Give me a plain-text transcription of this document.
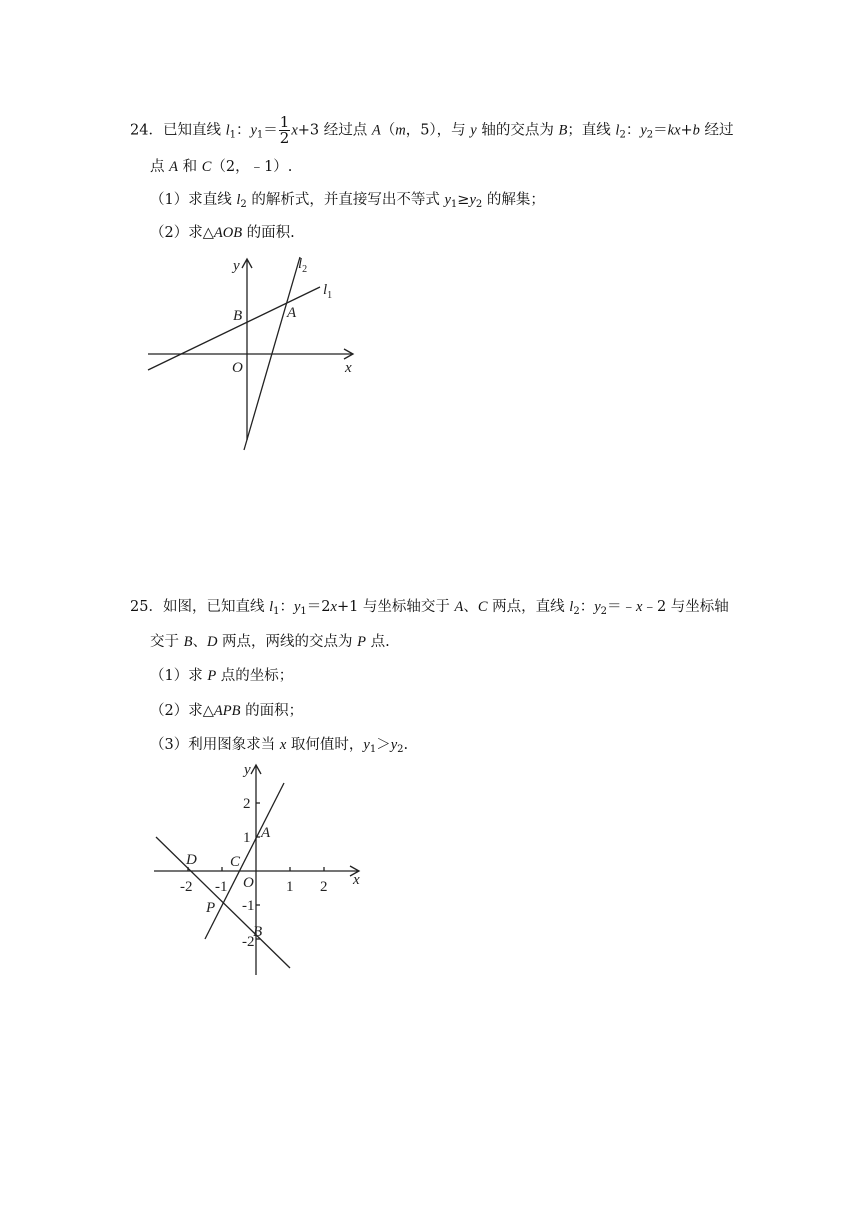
24．已知直线 $l_1$：$y_1= \frac{1}{2} x+3$ 经过点 A（m，5），与 y 轴的交点为 B；直线 $l_2$：$y_2=kx+b$ 经过
点 A 和 C（2，﹣1）.
（1）求直线 $l_2$ 的解析式，并直接写出不等式 $y_1\ge y_2$ 的解集；
（2）求△AOB 的面积.
y
x
O
B	A
$l_2$
$l_1$
25．如图，已知直线 $l_1$：$y_1=2x+1$ 与坐标轴交于 A、C 两点，直线 $l_2$：$y_2=﹣x﹣2$ 与坐标轴
交于 B、D 两点，两线的交点为 P 点.
（1）求 P 点的坐标；
（2）求△APB 的面积；
（3）利用图象求当 x 取何值时，$y_1>y_2$.
y
x
O
A
B
C
D
P
-2 -1	1 2
2
1
-1
-2
